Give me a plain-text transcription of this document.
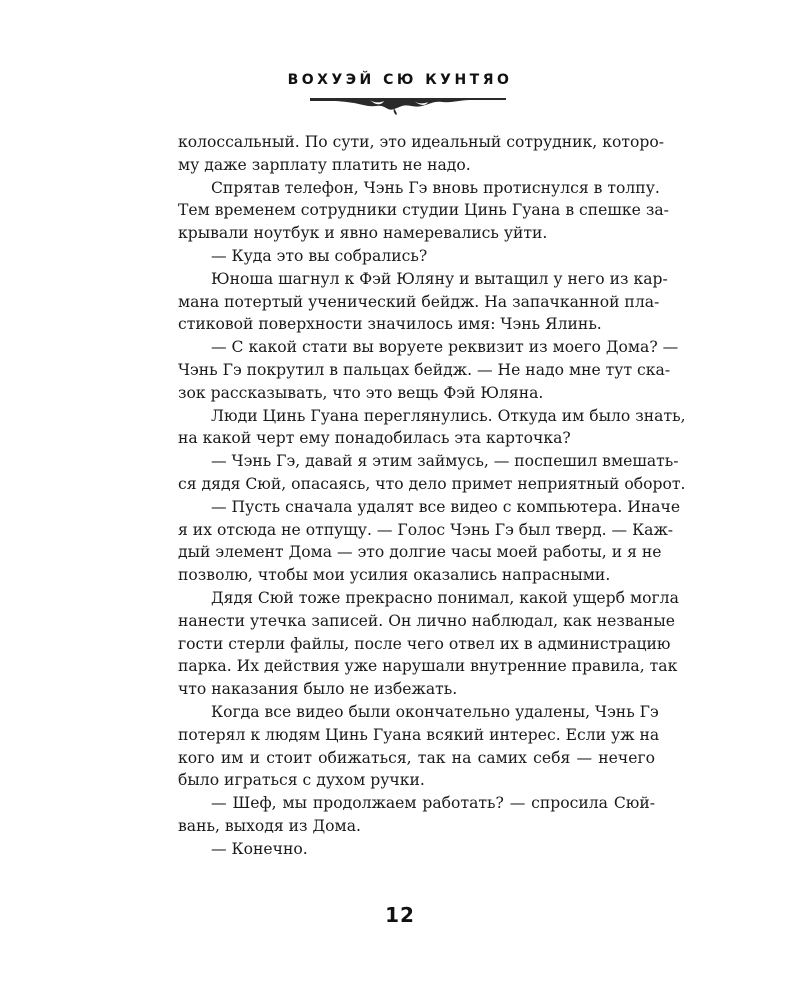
ВОХУЭЙ СЮ КУНТЯО
колоссальный. По сути, это идеальный сотрудник, которо-
му даже зарплату платить не надо.
Спрятав телефон, Чэнь Гэ вновь протиснулся в толпу.
Тем временем сотрудники студии Цинь Гуана в спешке за-
крывали ноутбук и явно намеревались уйти.
— Куда это вы собрались?
Юноша шагнул к Фэй Юляну и вытащил у него из кар-
мана потертый ученический бейдж. На запачканной пла-
стиковой поверхности значилось имя: Чэнь Ялинь.
— С какой стати вы воруете реквизит из моего Дома? —
Чэнь Гэ покрутил в пальцах бейдж. — Не надо мне тут ска-
зок рассказывать, что это вещь Фэй Юляна.
Люди Цинь Гуана переглянулись. Откуда им было знать,
на какой черт ему понадобилась эта карточка?
— Чэнь Гэ, давай я этим займусь, — поспешил вмешать-
ся дядя Сюй, опасаясь, что дело примет неприятный оборот.
— Пусть сначала удалят все видео с компьютера. Иначе
я их отсюда не отпущу. — Голос Чэнь Гэ был тверд. — Каж-
дый элемент Дома — это долгие часы моей работы, и я не
позволю, чтобы мои усилия оказались напрасными.
Дядя Сюй тоже прекрасно понимал, какой ущерб могла
нанести утечка записей. Он лично наблюдал, как незваные
гости стерли файлы, после чего отвел их в администрацию
парка. Их действия уже нарушали внутренние правила, так
что наказания было не избежать.
Когда все видео были окончательно удалены, Чэнь Гэ
потерял к людям Цинь Гуана всякий интерес. Если уж на
кого им и стоит обижаться, так на самих себя — нечего
было играться с духом ручки.
— Шеф, мы продолжаем работать? — спросила Сюй-
вань, выходя из Дома.
— Конечно.
12
